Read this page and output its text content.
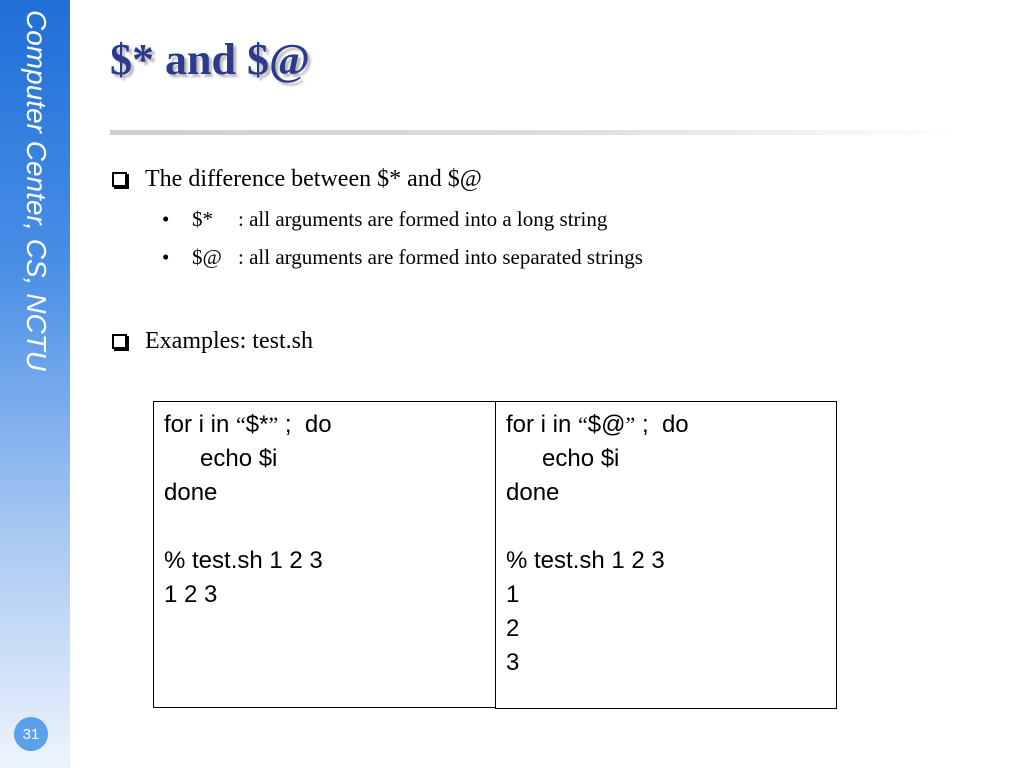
Computer Center, CS, NCTU
31
$* and $@
The difference between $* and $@
•	$*	: all arguments are formed into a long string
•	$@ : all arguments are formed into separated strings
Examples: test.sh
for i in “$*” ;  do
echo $i
done
% test.sh 1 2 3
1 2 3
for i in “$@” ;  do
echo $i
done
% test.sh 1 2 3
1
2
3
